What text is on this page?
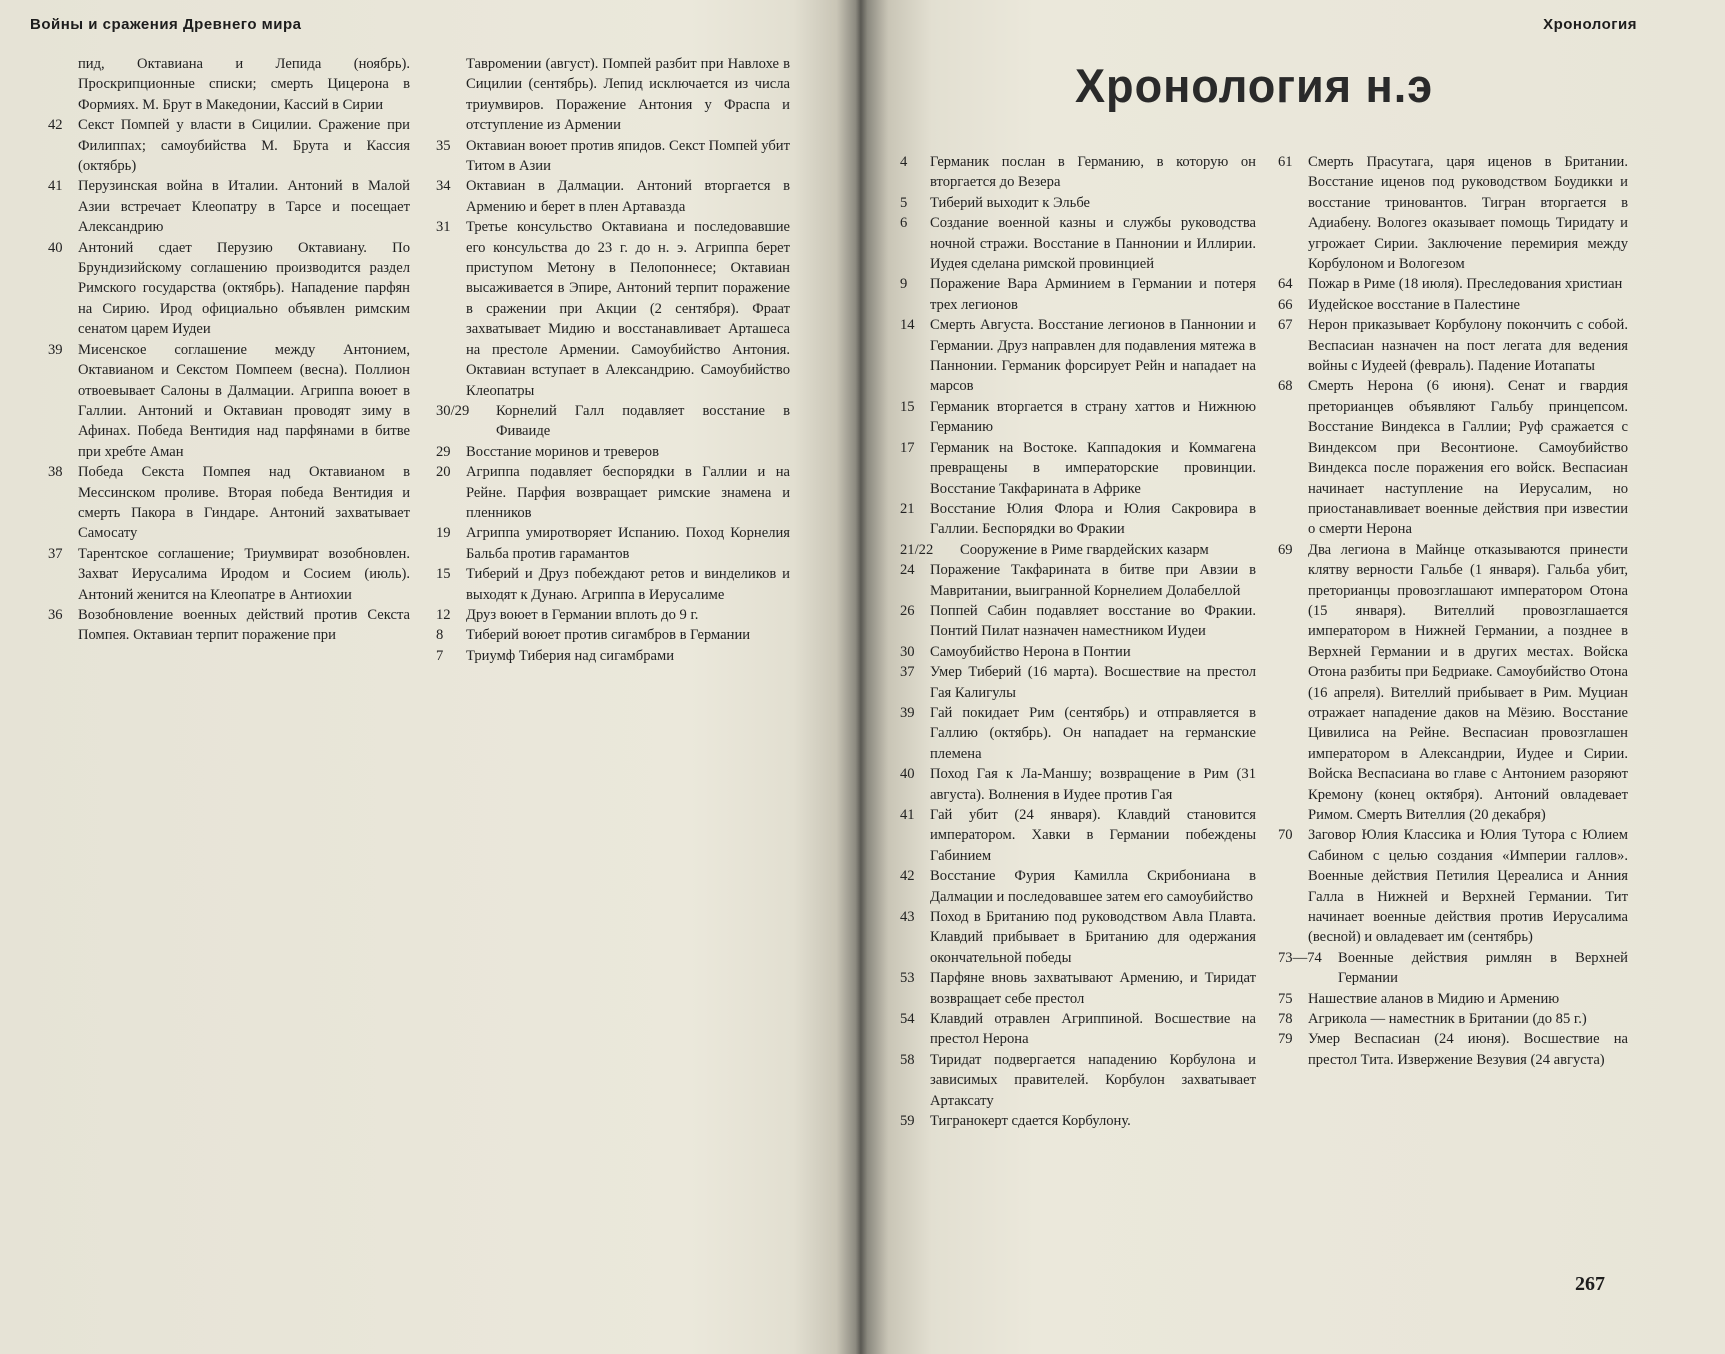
Войны и сражения Древнего мира
пид, Октавиана и Лепида (ноябрь). Проскрипционные списки; смерть Цицерона в Формиях. М. Брут в Македонии, Кассий в Сирии
42	Секст Помпей у власти в Сицилии. Сражение при Филиппах; самоубийства М. Брута и Кассия (октябрь)
41	Перузинская война в Италии. Антоний в Малой Азии встречает Клеопатру в Тарсе и посещает Александрию
40	Антоний сдает Перузию Октавиану. По Брундизийскому соглашению производится раздел Римского государства (октябрь). Нападение парфян на Сирию. Ирод официально объявлен римским сенатом царем Иудеи
39	Мисенское соглашение между Антонием, Октавианом и Секстом Помпеем (весна). Поллион отвоевывает Салоны в Далмации. Агриппа воюет в Галлии. Антоний и Октавиан проводят зиму в Афинах. Победа Вентидия над парфянами в битве при хребте Аман
38	Победа Секста Помпея над Октавианом в Мессинском проливе. Вторая победа Вентидия и смерть Пакора в Гиндаре. Антоний захватывает Самосату
37	Тарентское соглашение; Триумвират возобновлен. Захват Иерусалима Иродом и Сосием (июль). Антоний женится на Клеопатре в Антиохии
36	Возобновление военных действий против Секста Помпея. Октавиан терпит поражение при
Тавромении (август). Помпей разбит при Навлохе в Сицилии (сентябрь). Лепид исключается из числа триумвиров. Поражение Антония у Фраспа и отступление из Армении
35	Октавиан воюет против япидов. Секст Помпей убит Титом в Азии
34	Октавиан в Далмации. Антоний вторгается в Армению и берет в плен Артавазда
31	Третье консульство Октавиана и последовавшие его консульства до 23 г. до н. э. Агриппа берет приступом Метону в Пелопоннесе; Октавиан высаживается в Эпире, Антоний терпит поражение в сражении при Акции (2 сентября). Фраат захватывает Мидию и восстанавливает Арташеса на престоле Армении. Самоубийство Антония. Октавиан вступает в Александрию. Самоубийство Клеопатры
30/29	Корнелий Галл подавляет восстание в Фиваиде
29	Восстание моринов и треверов
20	Агриппа подавляет беспорядки в Галлии и на Рейне. Парфия возвращает римские знамена и пленников
19	Агриппа умиротворяет Испанию. Поход Корнелия Бальба против гарамантов
15	Тиберий и Друз побеждают ретов и винделиков и выходят к Дунаю. Агриппа в Иерусалиме
12	Друз воюет в Германии вплоть до 9 г.
8	Тиберий воюет против сигамбров в Германии
7	Триумф Тиберия над сигамбрами
Хронология
Хронология н.э
4	Германик послан в Германию, в которую он вторгается до Везера
5	Тиберий выходит к Эльбе
6	Создание военной казны и службы руководства ночной стражи. Восстание в Паннонии и Иллирии. Иудея сделана римской провинцией
9	Поражение Вара Арминием в Германии и потеря трех легионов
14	Смерть Августа. Восстание легионов в Паннонии и Германии. Друз направлен для подавления мятежа в Паннонии. Германик форсирует Рейн и нападает на марсов
15	Германик вторгается в страну хаттов и Нижнюю Германию
17	Германик на Востоке. Каппадокия и Коммагена превращены в императорские провинции. Восстание Такфарината в Африке
21	Восстание Юлия Флора и Юлия Сакровира в Галлии. Беспорядки во Фракии
21/22	Сооружение в Риме гвардейских казарм
24	Поражение Такфарината в битве при Авзии в Мавритании, выигранной Корнелием Долабеллой
26	Поппей Сабин подавляет восстание во Фракии. Понтий Пилат назначен наместником Иудеи
30	Самоубийство Нерона в Понтии
37	Умер Тиберий (16 марта). Восшествие на престол Гая Калигулы
39	Гай покидает Рим (сентябрь) и отправляется в Галлию (октябрь). Он нападает на германские племена
40	Поход Гая к Ла-Маншу; возвращение в Рим (31 августа). Волнения в Иудее против Гая
41	Гай убит (24 января). Клавдий становится императором. Хавки в Германии побеждены Габинием
42	Восстание Фурия Камилла Скрибониана в Далмации и последовавшее затем его самоубийство
43	Поход в Британию под руководством Авла Плавта. Клавдий прибывает в Британию для одержания окончательной победы
53	Парфяне вновь захватывают Армению, и Тиридат возвращает себе престол
54	Клавдий отравлен Агриппиной. Восшествие на престол Нерона
58	Тиридат подвергается нападению Корбулона и зависимых правителей. Корбулон захватывает Артаксату
59	Тигранокерт сдается Корбулону.
61	Смерть Прасутага, царя иценов в Британии. Восстание иценов под руководством Боудикки и восстание триновантов. Тигран вторгается в Адиабену. Вологез оказывает помощь Тиридату и угрожает Сирии. Заключение перемирия между Корбулоном и Вологезом
64	Пожар в Риме (18 июля). Преследования христиан
66	Иудейское восстание в Палестине
67	Нерон приказывает Корбулону покончить с собой. Веспасиан назначен на пост легата для ведения войны с Иудеей (февраль). Падение Иотапаты
68	Смерть Нерона (6 июня). Сенат и гвардия преторианцев объявляют Гальбу принцепсом. Восстание Виндекса в Галлии; Руф сражается с Виндексом при Весонтионе. Самоубийство Виндекса после поражения его войск. Веспасиан начинает наступление на Иерусалим, но приостанавливает военные действия при известии о смерти Нерона
69	Два легиона в Майнце отказываются принести клятву верности Гальбе (1 января). Гальба убит, преторианцы провозглашают императором Отона (15 января). Вителлий провозглашается императором в Нижней Германии, а позднее в Верхней Германии и в других местах. Войска Отона разбиты при Бедриаке. Самоубийство Отона (16 апреля). Вителлий прибывает в Рим. Муциан отражает нападение даков на Мёзию. Восстание Цивилиса на Рейне. Веспасиан провозглашен императором в Александрии, Иудее и Сирии. Войска Веспасиана во главе с Антонием разоряют Кремону (конец октября). Антоний овладевает Римом. Смерть Вителлия (20 декабря)
70	Заговор Юлия Классика и Юлия Тутора с Юлием Сабином с целью создания «Империи галлов». Военные действия Петилия Цереалиса и Анния Галла в Нижней и Верхней Германии. Тит начинает военные действия против Иерусалима (весной) и овладевает им (сентябрь)
73—74	Военные действия римлян в Верхней Германии
75	Нашествие аланов в Мидию и Армению
78	Агрикола — наместник в Британии (до 85 г.)
79	Умер Веспасиан (24 июня). Восшествие на престол Тита. Извержение Везувия (24 августа)
267
